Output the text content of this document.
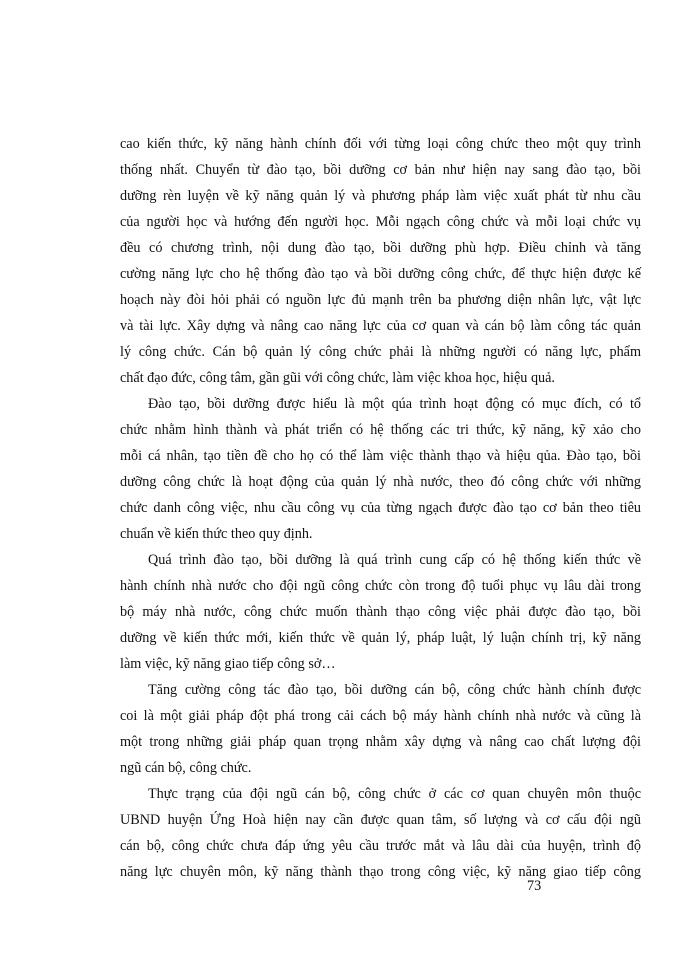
cao kiến thức, kỹ năng hành chính đối với từng loại công chức theo một quy trình
thống nhất. Chuyển từ đào tạo, bồi dưỡng cơ bản như hiện nay sang đào tạo, bồi
dưỡng rèn luyện về kỹ năng quản lý và phương pháp làm việc xuất phát từ nhu cầu
của người học và hướng đến người học. Mỗi ngạch công chức và mỗi loại chức vụ
đều có chương trình, nội dung đào tạo, bồi dưỡng phù hợp. Điều chỉnh và tăng
cường năng lực cho hệ thống đào tạo và bồi dưỡng công chức, để thực hiện được kế
hoạch này đòi hỏi phải có nguồn lực đủ mạnh trên ba phương diện nhân lực, vật lực
và tài lực. Xây dựng và nâng cao năng lực của cơ quan và cán bộ làm công tác quản
lý công chức. Cán bộ quản lý công chức phải là những người có năng lực, phẩm
chất đạo đức, công tâm, gần gũi với công chức, làm việc khoa học, hiệu quả.
Đào tạo, bồi dưỡng được hiểu là một qúa trình hoạt động có mục đích, có tổ
chức nhằm hình thành và phát triển có hệ thống các tri thức, kỹ năng, kỹ xảo cho
mỗi cá nhân, tạo tiền đề cho họ có thể làm việc thành thạo và hiệu qủa. Đào tạo, bồi
dưỡng công chức là hoạt động của quản lý nhà nước, theo đó công chức với những
chức danh công việc, nhu cầu công vụ của từng ngạch được đào tạo cơ bản theo tiêu
chuẩn về kiến thức theo quy định.
Quá trình đào tạo, bồi dưỡng là quá trình cung cấp có hệ thống kiến thức về
hành chính nhà nước cho đội ngũ công chức còn trong độ tuổi phục vụ lâu dài trong
bộ máy nhà nước, công chức muốn thành thạo công việc phải được đào tạo, bồi
dưỡng về kiến thức mới, kiến thức về quản lý, pháp luật, lý luận chính trị, kỹ năng
làm việc, kỹ năng giao tiếp công sở…
Tăng cường công tác đào tạo, bồi dưỡng cán bộ, công chức hành chính được
coi là một giải pháp đột phá trong cải cách bộ máy hành chính nhà nước và cũng là
một trong những giải pháp quan trọng nhằm xây dựng và nâng cao chất lượng đội
ngũ cán bộ, công chức.
Thực trạng của đội ngũ cán bộ, công chức ở các cơ quan chuyên môn thuộc
UBND huyện Ứng Hoà hiện nay cần được quan tâm, số lượng và cơ cấu đội ngũ
cán bộ, công chức chưa đáp ứng yêu cầu trước mắt và lâu dài của huyện, trình độ
năng lực chuyên môn, kỹ năng thành thạo trong công việc, kỹ năng giao tiếp công
73
